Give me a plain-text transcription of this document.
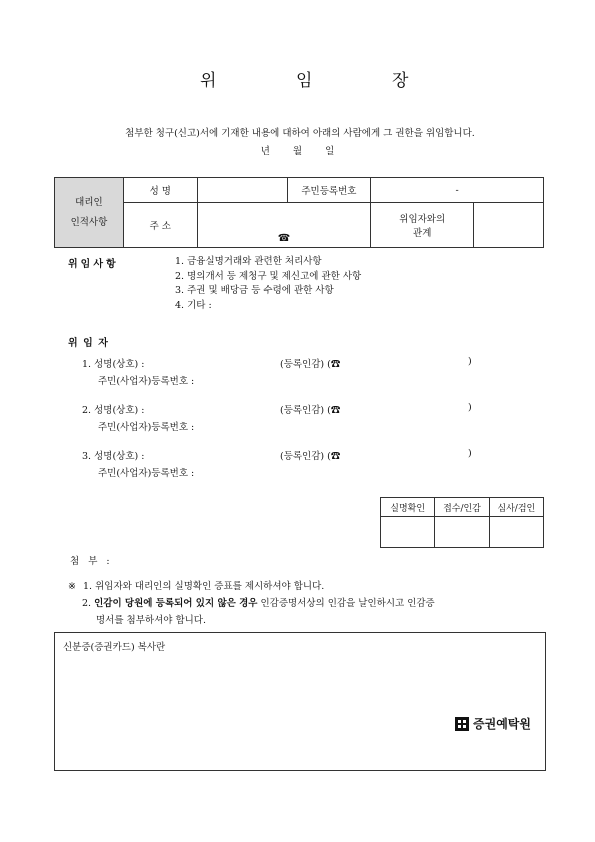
위	임	장
첨부한 청구(신고)서에 기재한 내용에 대하여 아래의 사람에게 그 권한을 위임합니다.
년 월 일
대리인
인적사항	성 명		주민등록번호	-	
	주 소	☎		위임자와의
관계	

위임사항	1. 금융실명거래와 관련한 처리사항
2. 명의개서 등 제청구 및 제신고에 관한 사항
3. 주권 및 배당금 등 수령에 관한 사항
4. 기타 :
위 임 자
1. 성명(상호) :	(등록인감) (☎	)
주민(사업자)등록번호 :
2. 성명(상호) :	(등록인감) (☎	)
주민(사업자)등록번호 :
3. 성명(상호) :	(등록인감) (☎	)
주민(사업자)등록번호 :
실명확인	접수/인감	심사/검인

첨 부 :
※ 1. 위임자와 대리인의 실명확인 증표를 제시하셔야 합니다.
2. 인감이 당원에 등록되어 있지 않은 경우 인감증명서상의 인감을 날인하시고 인감증
명서를 첨부하셔야 합니다.
신분증(증권카드) 복사란
증권예탁원
